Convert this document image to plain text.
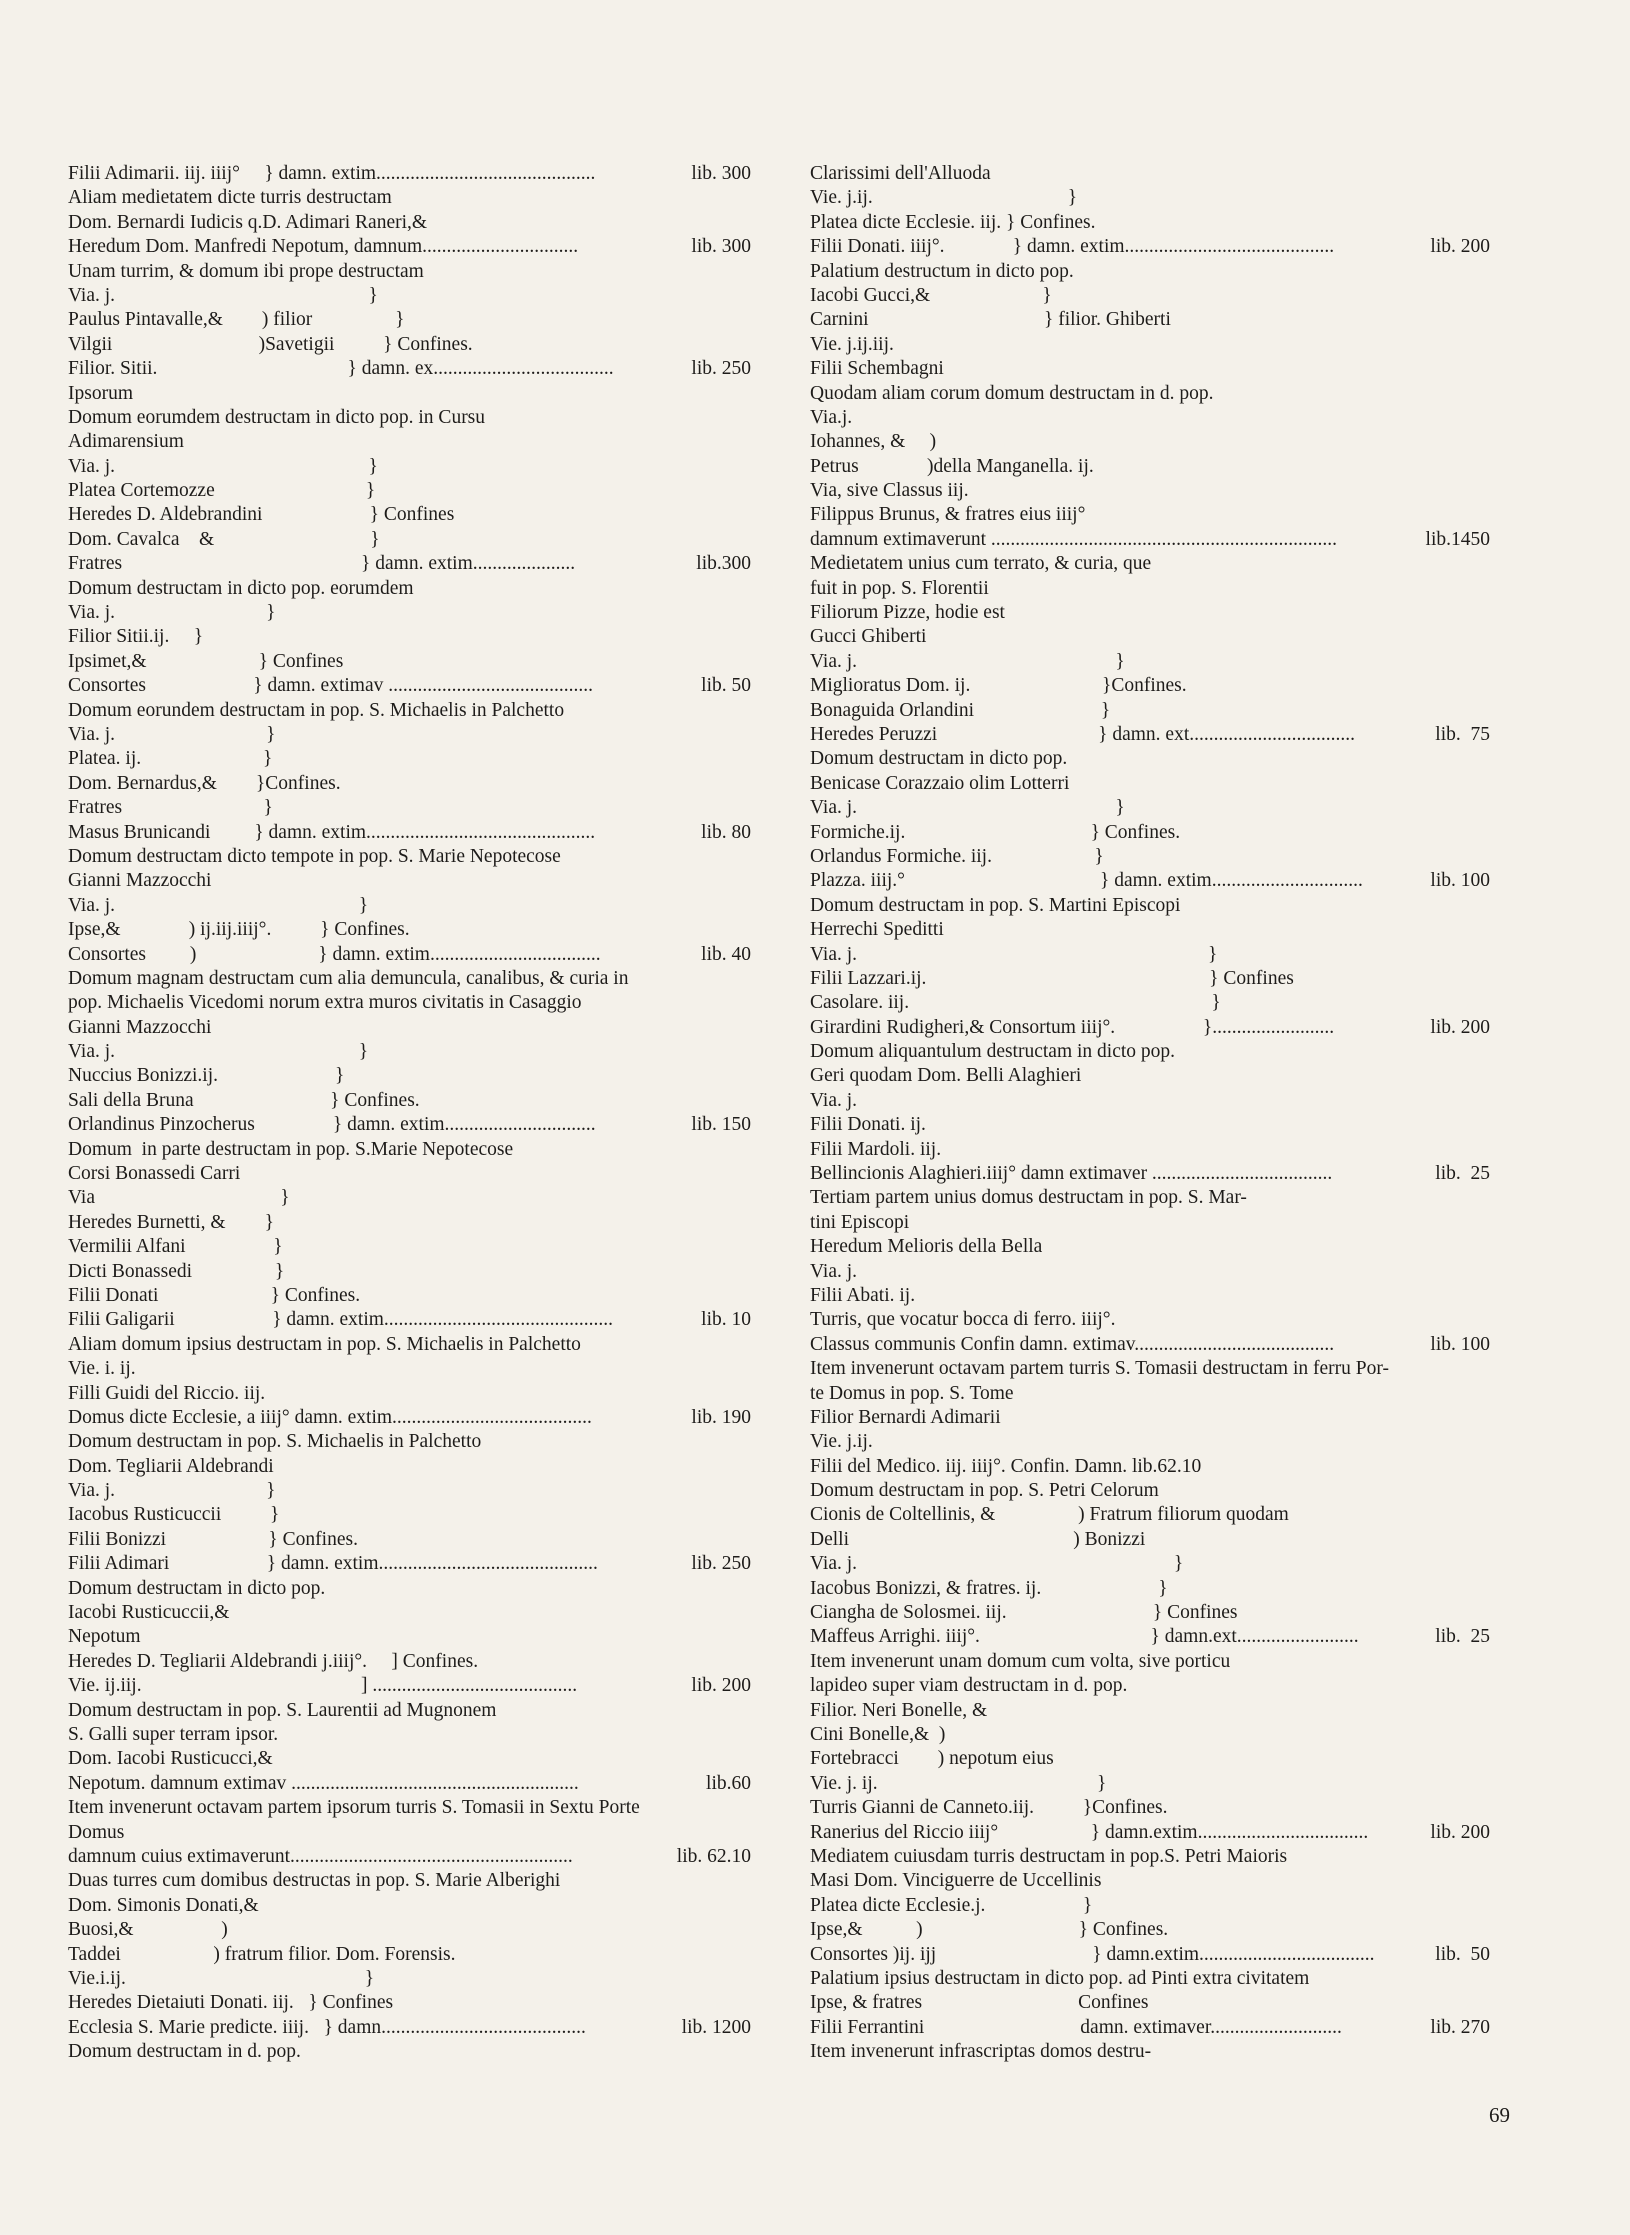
Filii Adimarii. iij. iiij°     } damn. extim.............................................	lib. 300
Aliam medietatem dicte turris destructam
Dom. Bernardi Iudicis q.D. Adimari Raneri,&
Heredum Dom. Manfredi Nepotum, damnum................................	lib. 300
Unam turrim, & domum ibi prope destructam
Via. j.                                                    }
Paulus Pintavalle,&        ) filior                 }
Vilgii                              )Savetigii          } Confines.
Filior. Sitii.                                       } damn. ex.....................................	lib. 250
Ipsorum
Domum eorumdem destructam in dicto pop. in Cursu
Adimarensium
Via. j.                                                    }
Platea Cortemozze                               }
Heredes D. Aldebrandini                      } Confines
Dom. Cavalca    &                                }
Fratres                                                 } damn. extim.....................	lib.300
Domum destructam in dicto pop. eorumdem
Via. j.                               }
Filior Sitii.ij.     }
Ipsimet,&                       } Confines
Consortes                      } damn. extimav ..........................................	lib. 50
Domum eorundem destructam in pop. S. Michaelis in Palchetto
Via. j.                               }
Platea. ij.                         }
Dom. Bernardus,&        }Confines.
Fratres                             }
Masus Brunicandi         } damn. extim...............................................	lib. 80
Domum destructam dicto tempote in pop. S. Marie Nepotecose
Gianni Mazzocchi
Via. j.                                                  }
Ipse,&              ) ij.iij.iiij°.          } Confines.
Consortes         )                         } damn. extim...................................	lib. 40
Domum magnam destructam cum alia demuncula, canalibus, & curia in
pop. Michaelis Vicedomi norum extra muros civitatis in Casaggio
Gianni Mazzocchi
Via. j.                                                  }
Nuccius Bonizzi.ij.                        }
Sali della Bruna                            } Confines.
Orlandinus Pinzocherus                } damn. extim...............................	lib. 150
Domum  in parte destructam in pop. S.Marie Nepotecose
Corsi Bonassedi Carri
Via                                      }
Heredes Burnetti, &        }
Vermilii Alfani                  }
Dicti Bonassedi                 }
Filii Donati                       } Confines.
Filii Galigarii                    } damn. extim...............................................	lib. 10
Aliam domum ipsius destructam in pop. S. Michaelis in Palchetto
Vie. i. ij.
Filli Guidi del Riccio. iij.
Domus dicte Ecclesie, a iiij° damn. extim.........................................	lib. 190
Domum destructam in pop. S. Michaelis in Palchetto
Dom. Tegliarii Aldebrandi
Via. j.                               }
Iacobus Rusticuccii          }
Filii Bonizzi                     } Confines.
Filii Adimari                    } damn. extim.............................................	lib. 250
Domum destructam in dicto pop.
Iacobi Rusticuccii,&
Nepotum
Heredes D. Tegliarii Aldebrandi j.iiij°.     ] Confines.
Vie. ij.iij.                                             ] ..........................................	lib. 200
Domum destructam in pop. S. Laurentii ad Mugnonem
S. Galli super terram ipsor.
Dom. Iacobi Rusticucci,&
Nepotum. damnum extimav ...........................................................	lib.60
Item invenerunt octavam partem ipsorum turris S. Tomasii in Sextu Porte
Domus
damnum cuius extimaverunt..........................................................	lib. 62.10
Duas turres cum domibus destructas in pop. S. Marie Alberighi
Dom. Simonis Donati,&
Buosi,&                  )
Taddei                   ) fratrum filior. Dom. Forensis.
Vie.i.ij.                                                 }
Heredes Dietaiuti Donati. iij.   } Confines
Ecclesia S. Marie predicte. iiij.   } damn..........................................	lib. 1200
Domum destructam in d. pop.
Clarissimi dell'Alluoda
Vie. j.ij.                                        }
Platea dicte Ecclesie. iij. } Confines.
Filii Donati. iiij°.              } damn. extim...........................................	lib. 200
Palatium destructum in dicto pop.
Iacobi Gucci,&                       }
Carnini                                    } filior. Ghiberti
Vie. j.ij.iij.
Filii Schembagni
Quodam aliam corum domum destructam in d. pop.
Via.j.
Iohannes, &     )
Petrus              )della Manganella. ij.
Via, sive Classus iij.
Filippus Brunus, & fratres eius iiij°
damnum extimaverunt .......................................................................	lib.1450
Medietatem unius cum terrato, & curia, que
fuit in pop. S. Florentii
Filiorum Pizze, hodie est
Gucci Ghiberti
Via. j.                                                     }
Miglioratus Dom. ij.                           }Confines.
Bonaguida Orlandini                          }
Heredes Peruzzi                                 } damn. ext..................................	lib.  75
Domum destructam in dicto pop.
Benicase Corazzaio olim Lotterri
Via. j.                                                     }
Formiche.ij.                                      } Confines.
Orlandus Formiche. iij.                     }
Plazza. iiij.°                                        } damn. extim...............................	lib. 100
Domum destructam in pop. S. Martini Episcopi
Herrechi Speditti
Via. j.                                                                        }
Filii Lazzari.ij.                                                          } Confines
Casolare. iij.                                                              }
Girardini Rudigheri,& Consortum iiij°.                  }.........................	lib. 200
Domum aliquantulum destructam in dicto pop.
Geri quodam Dom. Belli Alaghieri
Via. j.
Filii Donati. ij.
Filii Mardoli. iij.
Bellincionis Alaghieri.iiij° damn extimaver .....................................	lib.  25
Tertiam partem unius domus destructam in pop. S. Mar-
tini Episcopi
Heredum Melioris della Bella
Via. j.
Filii Abati. ij.
Turris, que vocatur bocca di ferro. iiij°.
Classus communis Confin damn. extimav.........................................	lib. 100
Item invenerunt octavam partem turris S. Tomasii destructam in ferru Por-
te Domus in pop. S. Tome
Filior Bernardi Adimarii
Vie. j.ij.
Filii del Medico. iij. iiij°. Confin. Damn. lib.62.10
Domum destructam in pop. S. Petri Celorum
Cionis de Coltellinis, &                 ) Fratrum filiorum quodam
Delli                                              ) Bonizzi
Via. j.                                                                 }
Iacobus Bonizzi, & fratres. ij.                        }
Ciangha de Solosmei. iij.                              } Confines
Maffeus Arrighi. iiij°.                                   } damn.ext.........................	lib.  25
Item invenerunt unam domum cum volta, sive porticu
lapideo super viam destructam in d. pop.
Filior. Neri Bonelle, &
Cini Bonelle,&  )
Fortebracci        ) nepotum eius
Vie. j. ij.                                             }
Turris Gianni de Canneto.iij.          }Confines.
Ranerius del Riccio iiij°                   } damn.extim...................................	lib. 200
Mediatem cuiusdam turris destructam in pop.S. Petri Maioris
Masi Dom. Vinciguerre de Uccellinis
Platea dicte Ecclesie.j.                    }
Ipse,&           )                                } Confines.
Consortes )ij. ijj                                } damn.extim....................................	lib.  50
Palatium ipsius destructam in dicto pop. ad Pinti extra civitatem
Ipse, & fratres                                Confines
Filii Ferrantini                                damn. extimaver...........................	lib. 270
Item invenerunt infrascriptas domos destru-
69
